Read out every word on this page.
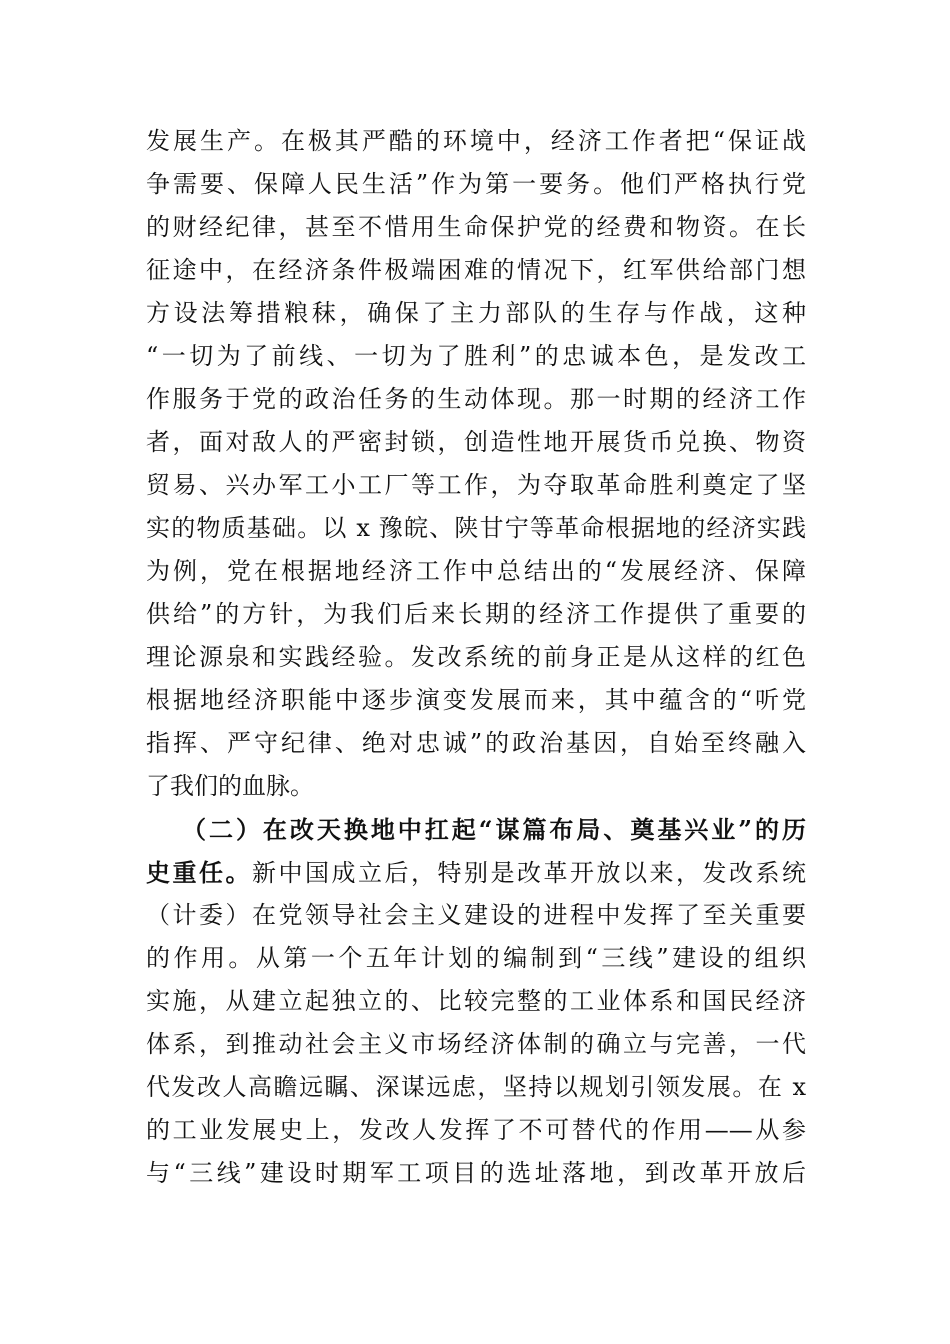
发展生产。在极其严酷的环境中，经济工作者把“保证战
争需要、保障人民生活”作为第一要务。他们严格执行党
的财经纪律，甚至不惜用生命保护党的经费和物资。在长
征途中，在经济条件极端困难的情况下，红军供给部门想
方设法筹措粮秣，确保了主力部队的生存与作战，这种
“一切为了前线、一切为了胜利”的忠诚本色，是发改工
作服务于党的政治任务的生动体现。那一时期的经济工作
者，面对敌人的严密封锁，创造性地开展货币兑换、物资
贸易、兴办军工小工厂等工作，为夺取革命胜利奠定了坚
实的物质基础。以 x 豫皖、陕甘宁等革命根据地的经济实践
为例，党在根据地经济工作中总结出的“发展经济、保障
供给”的方针，为我们后来长期的经济工作提供了重要的
理论源泉和实践经验。发改系统的前身正是从这样的红色
根据地经济职能中逐步演变发展而来，其中蕴含的“听党
指挥、严守纪律、绝对忠诚”的政治基因，自始至终融入
了我们的血脉。
（二）在改天换地中扛起“谋篇布局、奠基兴业”的历
史重任。新中国成立后，特别是改革开放以来，发改系统
（计委）在党领导社会主义建设的进程中发挥了至关重要
的作用。从第一个五年计划的编制到“三线”建设的组织
实施，从建立起独立的、比较完整的工业体系和国民经济
体系，到推动社会主义市场经济体制的确立与完善，一代
代发改人高瞻远瞩、深谋远虑，坚持以规划引领发展。在 x
的工业发展史上，发改人发挥了不可替代的作用——从参
与“三线”建设时期军工项目的选址落地，到改革开放后
